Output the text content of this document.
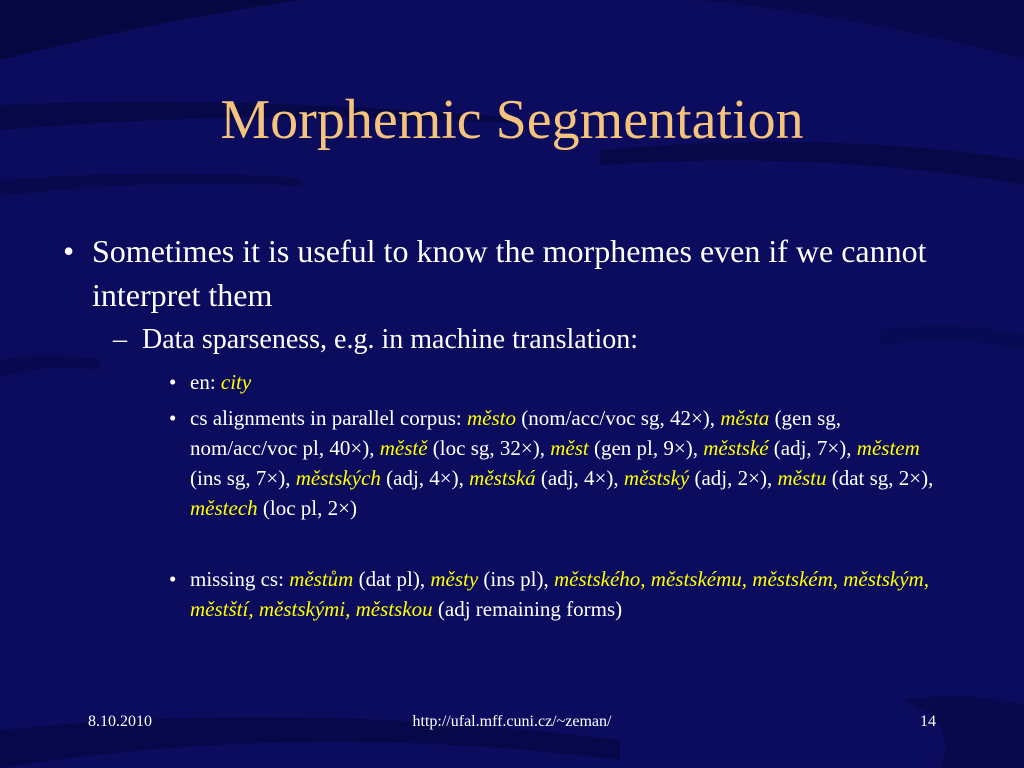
Morphemic Segmentation
• Sometimes it is useful to know the morphemes even if we cannot interpret them
– Data sparseness, e.g. in machine translation:
• en: city
• cs alignments in parallel corpus: město (nom/acc/voc sg, 42×), města (gen sg, nom/acc/voc pl, 40×), městě (loc sg, 32×), měst (gen pl, 9×), městské (adj, 7×), městem (ins sg, 7×), městských (adj, 4×), městská (adj, 4×), městský (adj, 2×), městu (dat sg, 2×), městech (loc pl, 2×)
• missing cs: městům (dat pl), městy (ins pl), městského, městskému, městském, městským, městští, městskými, městskou (adj remaining forms)
8.10.2010	http://ufal.mff.cuni.cz/~zeman/	14
